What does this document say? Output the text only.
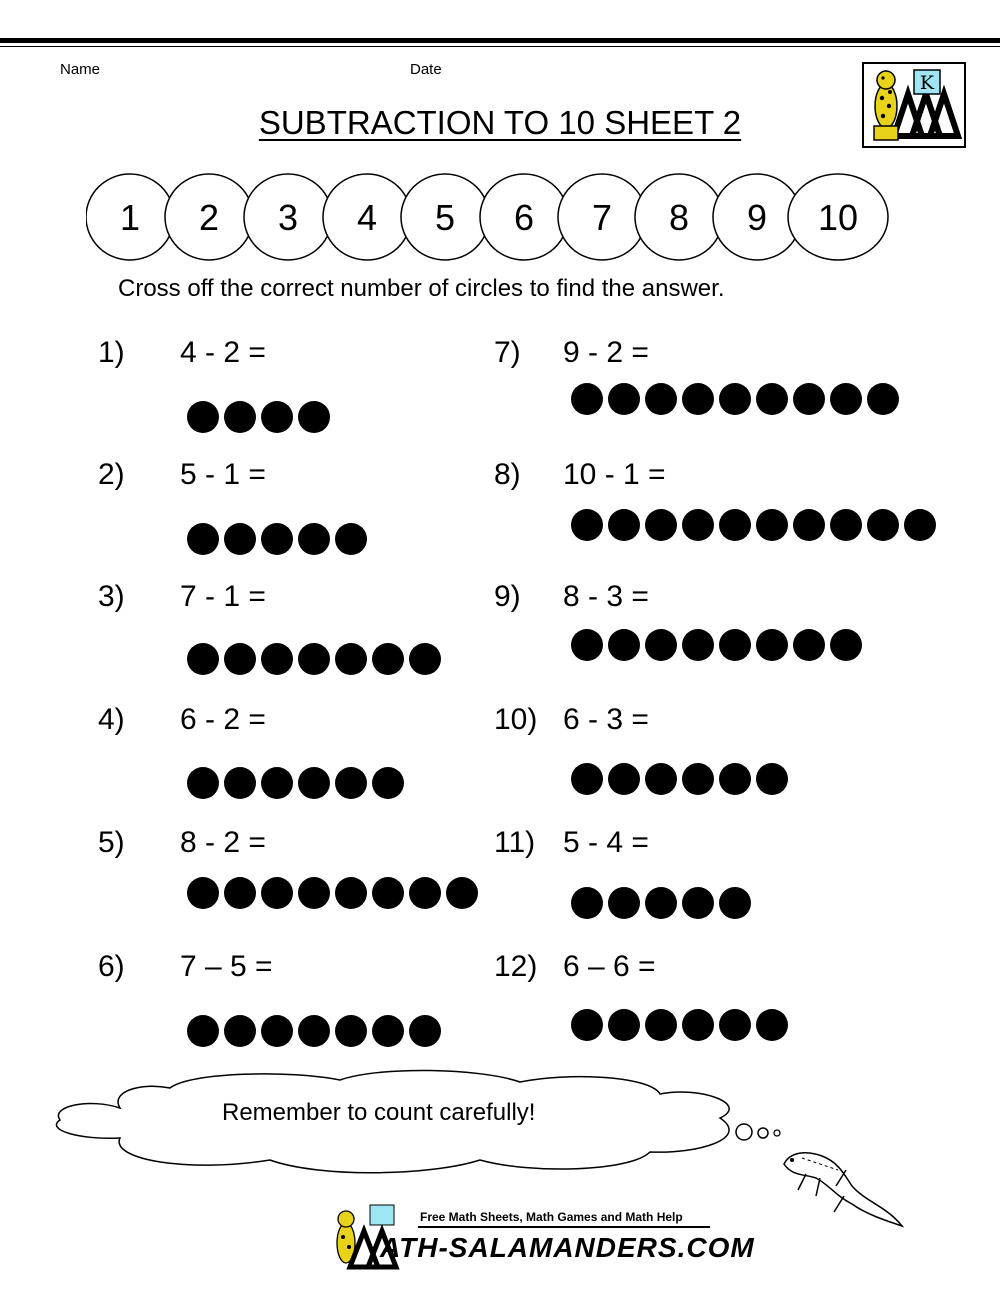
Name	Date
SUBTRACTION TO 10 SHEET 2
K
1 2 3 4 5 6 7 8 9 10
Cross off the correct number of circles to find the answer.
1) 4 - 2 =
2) 5 - 1 =
3) 7 - 1 =
4) 6 - 2 =
5) 8 - 2 =
6) 7 – 5 =
7) 9 - 2 =
8) 10 - 1 =
9) 8 - 3 =
10) 6 - 3 =
11) 5 - 4 =
12) 6 – 6 =
Remember to count carefully!
Free Math Sheets, Math Games and Math Help
ATH-SALAMANDERS.COM
